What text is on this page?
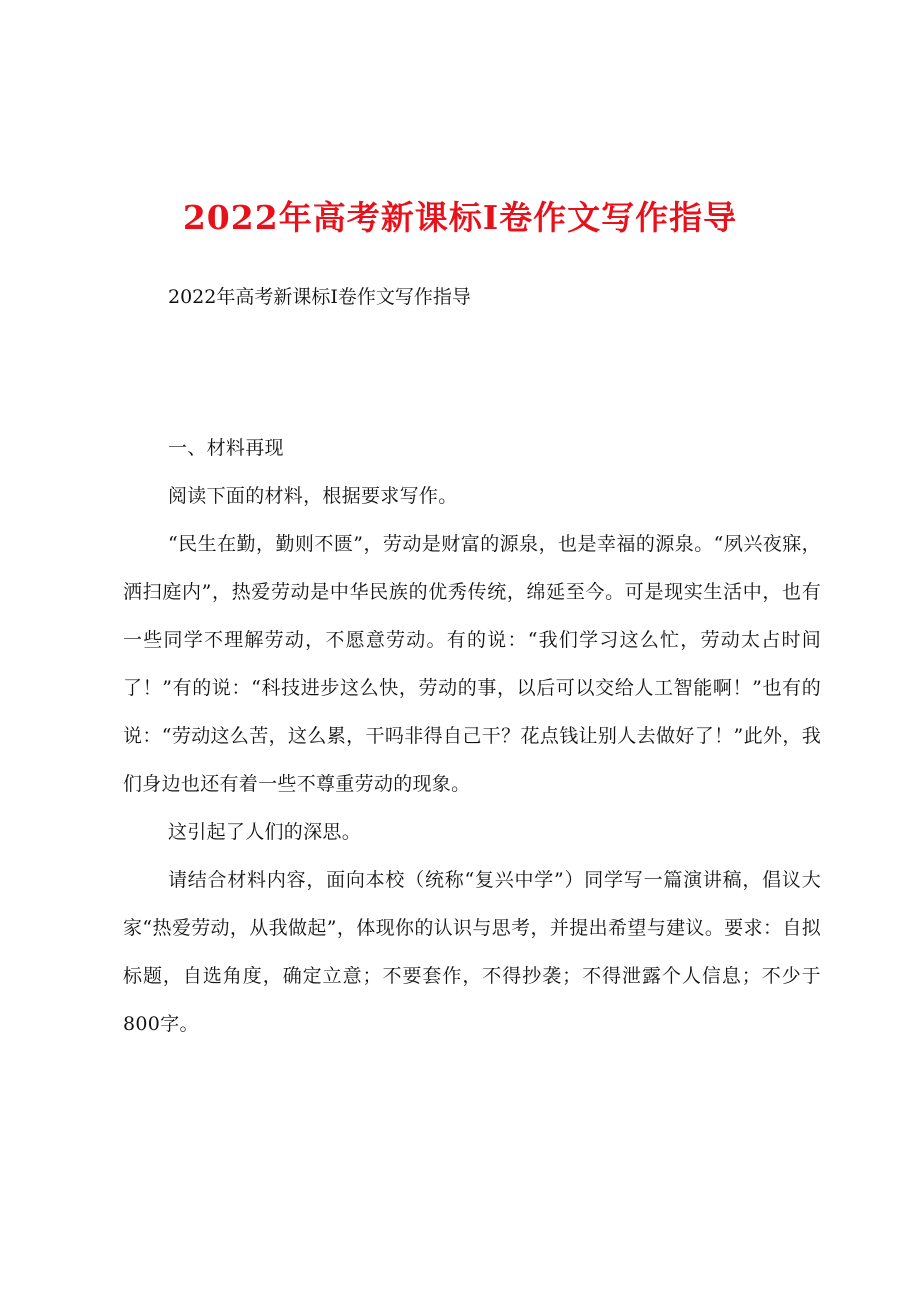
2022年高考新课标Ⅰ卷作文写作指导

2022年高考新课标Ⅰ卷作文写作指导

一、材料再现

阅读下面的材料，根据要求写作。

“民生在勤，勤则不匮”，劳动是财富的源泉，也是幸福的源泉。“夙兴夜寐，洒扫庭内”，热爱劳动是中华民族的优秀传统，绵延至今。可是现实生活中，也有一些同学不理解劳动，不愿意劳动。有的说：“我们学习这么忙，劳动太占时间了！”有的说：“科技进步这么快，劳动的事，以后可以交给人工智能啊！”也有的说：“劳动这么苦，这么累，干吗非得自己干？花点钱让别人去做好了！”此外，我们身边也还有着一些不尊重劳动的现象。

这引起了人们的深思。

请结合材料内容，面向本校（统称“复兴中学”）同学写一篇演讲稿，倡议大家“热爱劳动，从我做起”，体现你的认识与思考，并提出希望与建议。要求：自拟标题，自选角度，确定立意；不要套作，不得抄袭；不得泄露个人信息；不少于800字。
